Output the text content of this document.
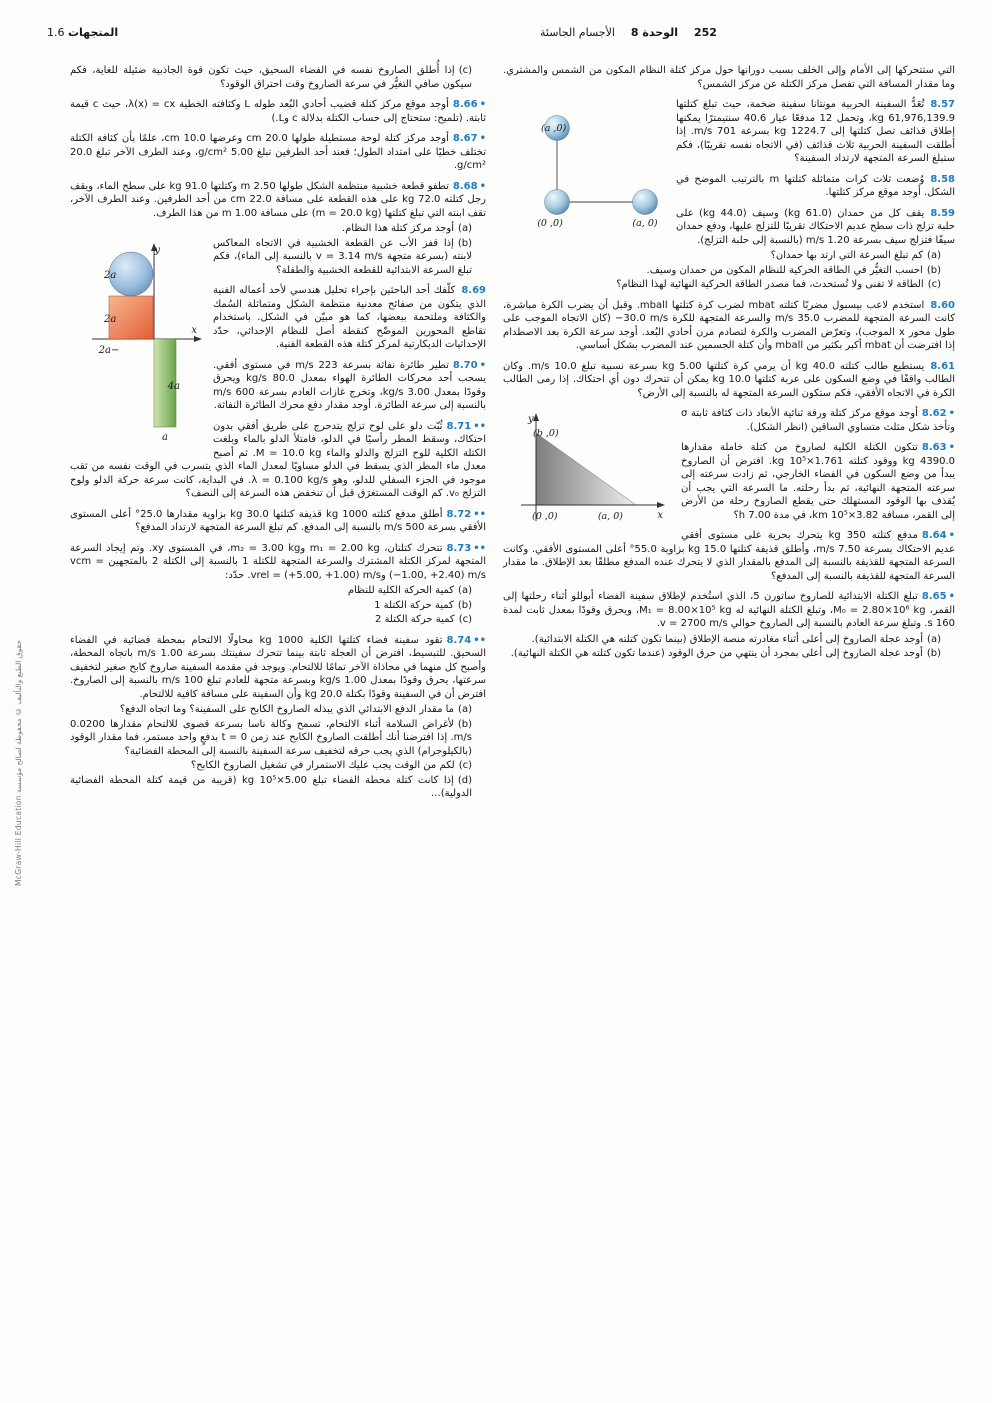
المتجهات 1.6	الأجسام الجاسئة الوحدة 8 252
حقوق الطبع والتأليف © محفوظة لصالح مؤسسة McGraw-Hill Education

التي ستتحركها إلى الأمام وإلى الخلف بسبب دورانها حول مركز كتلة النظام المكون من الشمس والمشتري. وما مقدار المسافة التي تفصل مركز الكتلة عن مركز الشمس؟

(0, a)
(0, 0)	(a, 0)

8.57تُعَدُّ السفينة الحربية مونتانا سفينة ضخمة، حيث تبلغ كتلتها 61,976,139.9 kg، وتحمل 12 مدفعًا عيار 40.6 سنتيمترًا يمكنها إطلاق قذائف تصل كتلتها إلى 1224.7 kg بسرعة 701 m/s. إذا أطلقت السفينة الحربية ثلاث قذائف (في الاتجاه نفسه تقريبًا)، فكم ستبلغ السرعة المتجهة لارتداد السفينة؟

8.58وُضعت ثلاث كرات متماثلة كتلتها m بالترتيب الموضح في الشكل. أوجد موقع مركز كتلتها.

8.59يقف كل من حمدان (61.0 kg) وسيف (44.0 kg) على حلبة تزلج ذات سطح عديم الاحتكاك تقريبًا للتزلج عليها، ودفع حمدان سيفًا فتزلج سيف بسرعة 1.20 m/s (بالنسبة إلى حلبة التزلج).

(a)كم تبلغ السرعة التي ارتد بها حمدان؟
(b)احسب التغيُّر في الطاقة الحركية للنظام المكون من حمدان وسيف.
(c)الطاقة لا تفنى ولا تُستحدث، فما مصدر الطاقة الحركية النهائية لهذا النظام؟

8.60استخدم لاعب بيسبول مضربًا كتلته mbat لضرب كرة كتلتها mball. وقبل أن يضرب الكرة مباشرة، كانت السرعة المتجهة للمضرب 35.0 m/s والسرعة المتجهة للكرة ‎−30.0 m/s‎ (كان الاتجاه الموجب على طول محور x الموجب)، وتعرّض المضرب والكرة لتصادم مرن أحادي البُعد. أوجد سرعة الكرة بعد الاصطدام إذا افترضت أن mbat أكبر بكثير من mball وأن كتلة الجسمين عند المضرب بشكل أساسي.

8.61يستطيع طالب كتلته 40.0 kg أن يرمي كرة كتلتها 5.00 kg بسرعة نسبية تبلغ 10.0 m/s. وكان الطالب واقفًا في وضع السكون على عربة كتلتها 10.0 kg يمكن أن تتحرك دون أي احتكاك. إذا رمى الطالب الكرة في الاتجاه الأفقي، فكم ستكون السرعة المتجهة له بالنسبة إلى الأرض؟

y
x
(0, b)
(0, 0)	(a, 0)

•8.62أوجد موقع مركز كتلة ورقة ثنائية الأبعاد ذات كثافة ثابتة σ وتأخذ شكل مثلث متساوي الساقين (انظر الشكل).

•8.63تتكون الكتلة الكلية لصاروخ من كتلة خاملة مقدارها 4390.0 kg ووقود كتلته 1.761×10⁵ kg. افترض أن الصاروخ يبدأ من وضع السكون في الفضاء الخارجي، ثم زادت سرعته إلى سرعته المتجهة النهائية، ثم بدأ رحلته. ما السرعة التي يجب أن يُقذف بها الوقود المستهلك حتى يقطع الصاروخ رحلة من الأرض إلى القمر، مسافة 3.82×10⁵ km، في مدة 7.00 h؟

•8.64مدفع كتلته 350 kg يتحرك بحرية على مستوى أفقي عديم الاحتكاك بسرعة 7.50 m/s، وأطلق قذيفة كتلتها 15.0 kg بزاوية 55.0° أعلى المستوى الأفقي. وكانت السرعة المتجهة للقذيفة بالنسبة إلى المدفع بالمقدار الذي لا يتحرك عنده المدفع مطلقًا بعد الإطلاق. ما مقدار السرعة المتجهة للقذيفة بالنسبة إلى المدفع؟

•8.65تبلغ الكتلة الابتدائية للصاروخ ساتورن 5، الذي استُخدم لإطلاق سفينة الفضاء أبوللو أثناء رحلتها إلى القمر، M₀ = 2.80×10⁶ kg، وتبلغ الكتلة النهائية له M₁ = 8.00×10⁵ kg، ويحرق وقودًا بمعدل ثابت لمدة 160 s. وتبلغ سرعة العادم بالنسبة إلى الصاروخ حوالي v = 2700 m/s.

(a)أوجد عجلة الصاروخ إلى أعلى أثناء مغادرته منصة الإطلاق (بينما تكون كتلته هي الكتلة الابتدائية).
(b)أوجد عجلة الصاروخ إلى أعلى بمجرد أن ينتهي من حرق الوقود (عندما تكون كتلته هي الكتلة النهائية).
(c)إذا أُطلق الصاروخ نفسه في الفضاء السحيق، حيث تكون قوة الجاذبية ضئيلة للغاية، فكم سيكون صافي التغيُّر في سرعة الصاروخ وقت احتراق الوقود؟

•8.66أوجد موقع مركز كتلة قضيب أحادي البُعد طوله L وكثافته الخطية ‎λ(x) = cx‎، حيث c قيمة ثابتة. (تلميح: ستحتاج إلى حساب الكتلة بدلالة c وL.)

•8.67أوجد مركز كتلة لوحة مستطيلة طولها 20.0 cm وعرضها 10.0 cm، علمًا بأن كثافة الكتلة تختلف خطيًا على امتداد الطول؛ فعند أحد الطرفين تبلغ 5.00 g/cm²، وعند الطرف الآخر تبلغ 20.0 g/cm².

•8.68تطفو قطعة خشبية منتظمة الشكل طولها 2.50 m وكتلتها 91.0 kg على سطح الماء، ويقف رجل كتلته 72.0 kg على هذه القطعة على مسافة 22.0 cm من أحد الطرفين. وعند الطرف الآخر، تقف ابنته التي تبلغ كتلتها (m = 20.0 kg) على مسافة 1.00 m من هذا الطرف.

(a)أوجد مركز كتلة هذا النظام.
y
x
2a
2a
4a
−2a
a
(b)إذا قفز الأب عن القطعة الخشبية في الاتجاه المعاكس لابنته (بسرعة متجهة v = 3.14 m/s بالنسبة إلى الماء)، فكم تبلغ السرعة الابتدائية للقطعة الخشبية والطفلة؟

8.69كلّفك أحد الباحثين بإجراء تحليل هندسي لأحد أعماله الفنية الذي يتكون من صفائح معدنية منتظمة الشكل ومتماثلة السُمك والكثافة وملتحمة ببعضها، كما هو مبيّن في الشكل. باستخدام تقاطع المحورين الموضّح كنقطة أصل للنظام الإحداثي، حدّد الإحداثيات الديكارتية لمركز كتلة هذه القطعة الفنية.

•8.70تطير طائرة نفاثة بسرعة 223 m/s في مستوى أفقي. يسحب أحد محركات الطائرة الهواء بمعدل 80.0 kg/s ويحرق وقودًا بمعدل 3.00 kg/s، وتخرج غازات العادم بسرعة 600 m/s بالنسبة إلى سرعة الطائرة. أوجد مقدار دفع محرك الطائرة النفاثة.

••8.71ثُبّت دلو على لوح تزلج يتدحرج على طريق أفقي بدون احتكاك، وسقط المطر رأسيًا في الدلو، فامتلأ الدلو بالماء وبلغت الكتلة الكلية للوح التزلج والدلو والماء M = 10.0 kg. ثم أصبح معدل ماء المطر الذي يسقط في الدلو مساويًا لمعدل الماء الذي يتسرب في الوقت نفسه من ثقب موجود في الجزء السفلي للدلو، وهو ‎λ = 0.100 kg/s‎. في البداية، كانت سرعة حركة الدلو ولوح التزلج v₀. كم الوقت المستغرَق قبل أن تنخفض هذه السرعة إلى النصف؟

••8.72أطلق مدفع كتلته 1000 kg قذيفة كتلتها 30.0 kg بزاوية مقدارها 25.0° أعلى المستوى الأفقي بسرعة 500 m/s بالنسبة إلى المدفع. كم تبلغ السرعة المتجهة لارتداد المدفع؟

••8.73تتحرك كتلتان، m₁ = 2.00 kg وm₂ = 3.00 kg، في المستوى xy. وتم إيجاد السرعة المتجهة لمركز الكتلة المشترك والسرعة المتجهة للكتلة 1 بالنسبة إلى الكتلة 2 بالمتجهين ‎vcm = (−1.00, +2.40) m/s‎ و‎vrel = (+5.00, +1.00) m/s‎. حدّد:

(a)كمية الحركة الكلية للنظام
(b)كمية حركة الكتلة 1
(c)كمية حركة الكتلة 2

••8.74تقود سفينة فضاء كتلتها الكلية 1000 kg محاولًا الالتحام بمحطة فضائية في الفضاء السحيق. للتبسيط، افترض أن العجلة ثابتة بينما تتحرك سفينتك بسرعة 1.00 m/s باتجاه المحطة، وأصبح كل منهما في محاذاة الآخر تمامًا للالتحام. ويوجد في مقدمة السفينة صاروخ كابح صغير لتخفيف سرعتها، يحرق وقودًا بمعدل 1.00 kg/s وبسرعة متجهة للعادم تبلغ 100 m/s بالنسبة إلى الصاروخ. افترض أن في السفينة وقودًا بكتلة 20.0 kg وأن السفينة على مسافة كافية للالتحام.

(a)ما مقدار الدفع الابتدائي الذي يبذله الصاروخ الكابح على السفينة؟ وما اتجاه الدفع؟
(b)لأغراض السلامة أثناء الالتحام، تسمح وكالة ناسا بسرعة قصوى للالتحام مقدارها 0.0200 m/s. إذا افترضنا أنك أطلقت الصاروخ الكابح عند زمن t = 0 بدفعٍ واحد مستمر، فما مقدار الوقود (بالكيلوجرام) الذي يجب حرقه لتخفيف سرعة السفينة بالنسبة إلى المحطة الفضائية؟
(c)لكم من الوقت يجب عليك الاستمرار في تشغيل الصاروخ الكابح؟
(d)إذا كانت كتلة محطة الفضاء تبلغ 5.00×10⁵ kg (قريبة من قيمة كتلة المحطة الفضائية الدولية)…
